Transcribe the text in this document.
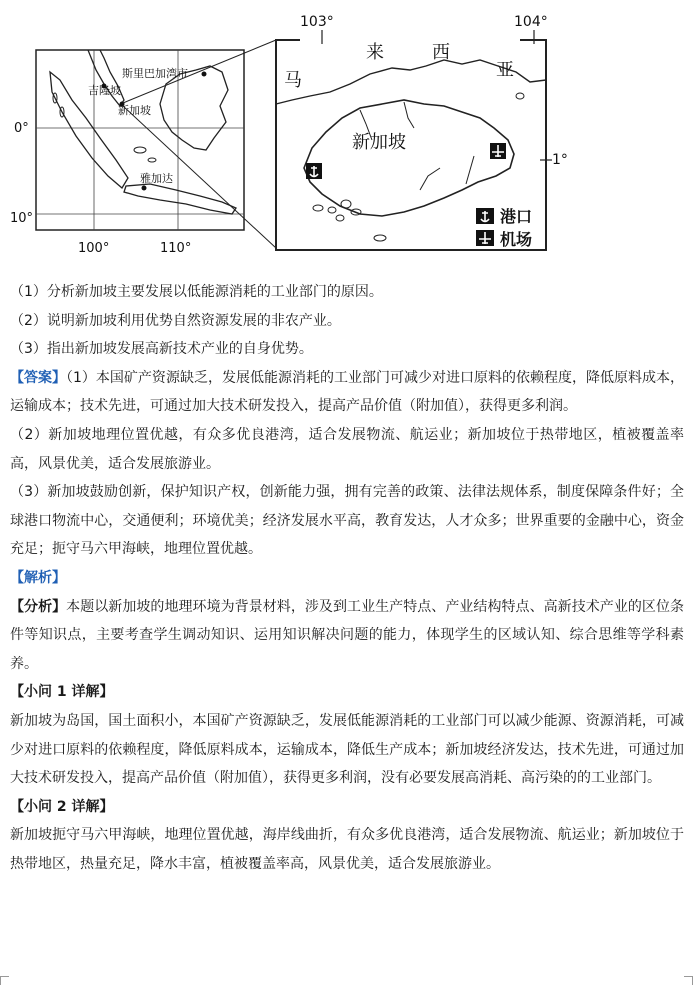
斯里巴加湾市
吉隆坡
新加坡
雅加达
0°
10°
100°	110°
103°	104°
1°
马
来	西
亚
新加坡
港口
机场

（1）分析新加坡主要发展以低能源消耗的工业部门的原因。

（2）说明新加坡利用优势自然资源发展的非农产业。

（3）指出新加坡发展高新技术产业的自身优势。

【答案】（1）本国矿产资源缺乏，发展低能源消耗的工业部门可减少对进口原料的依赖程度，降低原料成本，运输成本；技术先进，可通过加大技术研发投入，提高产品价值（附加值），获得更多利润。

（2）新加坡地理位置优越，有众多优良港湾，适合发展物流、航运业；新加坡位于热带地区，植被覆盖率高，风景优美，适合发展旅游业。

（3）新加坡鼓励创新，保护知识产权，创新能力强，拥有完善的政策、法律法规体系，制度保障条件好；全球港口物流中心，交通便利；环境优美；经济发展水平高，教育发达，人才众多；世界重要的金融中心，资金充足；扼守马六甲海峡，地理位置优越。

【解析】

【分析】本题以新加坡的地理环境为背景材料，涉及到工业生产特点、产业结构特点、高新技术产业的区位条件等知识点，主要考查学生调动知识、运用知识解决问题的能力，体现学生的区域认知、综合思维等学科素养。

【小问 1 详解】

新加坡为岛国，国土面积小，本国矿产资源缺乏，发展低能源消耗的工业部门可以减少能源、资源消耗，可减少对进口原料的依赖程度，降低原料成本，运输成本，降低生产成本；新加坡经济发达，技术先进，可通过加大技术研发投入，提高产品价值（附加值），获得更多利润，没有必要发展高消耗、高污染的的工业部门。

【小问 2 详解】

新加坡扼守马六甲海峡，地理位置优越，海岸线曲折，有众多优良港湾，适合发展物流、航运业；新加坡位于热带地区，热量充足，降水丰富，植被覆盖率高，风景优美，适合发展旅游业。
